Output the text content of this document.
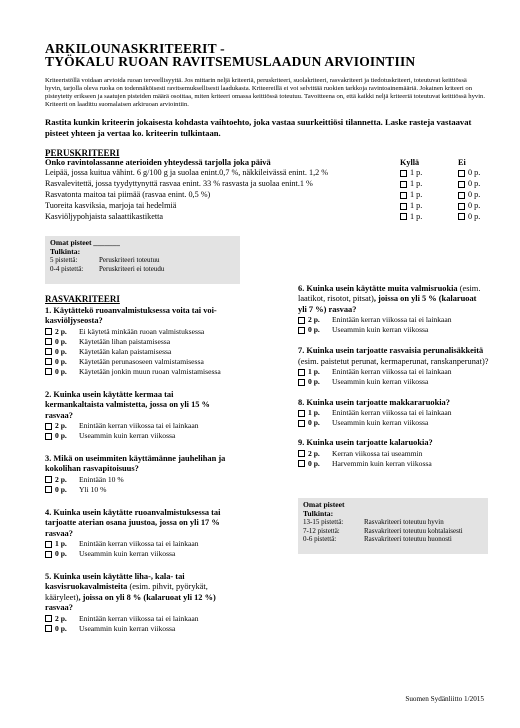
ARKILOUNASKRITEERIT -
TYÖKALU RUOAN RAVITSEMUSLAADUN ARVIOINTIIN
Kriteeristöllä voidaan arvioida ruoan terveellisyyttä. Jos mittarin neljä kriteeriä, peruskriteeri, suolakriteeri, rasvakriteeri ja tiedotuskriteeri, toteutuvat keittiössä hyvin, tarjolla oleva ruoka on todennäköisesti ravitsemuksellisesti laadukasta. Kriteereillä ei voi selvittää ruokien tarkkoja ravintoainemääriä. Jokainen kriteeri on pisteytetty erikseen ja saatujen pisteiden määrä osoittaa, miten kriteeri omassa keittiössä toteutuu. Tavoitteena on, että kaikki neljä kriteeriä toteutuvat keittiössä hyvin. Kriteerit on laadittu suomalaisen arkiruoan arviointiin.
Rastita kunkin kriteerin jokaisesta kohdasta vaihtoehto, joka vastaa suurkeittiösi tilannetta. Laske rasteja vastaavat pisteet yhteen ja vertaa ko. kriteerin tulkintaan.
PERUSKRITEERI
Onko ravintolassanne aterioiden yhteydessä tarjolla joka päivä	Kyllä	Ei
Leipää, jossa kuitua vähint. 6 g/100 g ja suolaa enint.0,7 %, näkkileivässä enint. 1,2 %	1 p.	0 p.
Rasvalevitettä, jossa tyydyttynyttä rasvaa enint. 33 % rasvasta ja suolaa enint.1 %	1 p.	0 p.
Rasvatonta maitoa tai piimää (rasvaa enint. 0,5 %)	1 p.	0 p.
Tuoreita kasviksia, marjoja tai hedelmiä	1 p.	0 p.
Kasviöljypohjaista salaattikastiketta	1 p.	0 p.
Omat pisteet _______
Tulkinta:
5 pistettä:	Peruskriteeri toteutuu
0-4 pistettä:	Peruskriteeri ei toteudu
RASVAKRITEERI
1. Käytättekö ruoanvalmistuksessa voita tai voi-
kasviöljyseosta?
2 p.	Ei käytetä minkään ruoan valmistuksessa
0 p.	Käytetään lihan paistamisessa
0 p.	Käytetään kalan paistamisessa
0 p.	Käytetään perunasoseen valmistamisessa
0 p.	Käytetään jonkin muun ruoan valmistamisessa
2. Kuinka usein käytätte kermaa tai
kermankaltaista valmistetta, jossa on yli 15 %
rasvaa?
2 p.	Enintään kerran viikossa tai ei lainkaan
0 p.	Useammin kuin kerran viikossa
3. Mikä on useimmiten käyttämänne jauhelihan ja
kokolihan rasvapitoisuus?
2 p.	Enintään 10 %
0 p.	Yli 10 %
4. Kuinka usein käytätte ruoanvalmistuksessa tai
tarjoatte aterian osana juustoa, jossa on yli 17 %
rasvaa?
1 p.	Enintään kerran viikossa tai ei lainkaan
0 p.	Useammin kuin kerran viikossa
5. Kuinka usein käytätte liha-, kala- tai
kasvisruokavalmisteita (esim. pihvit, pyörykät,
kääryleet), joissa on yli 8 % (kalaruoat yli 12 %)
rasvaa?
2 p.	Enintään kerran viikossa tai ei lainkaan
0 p.	Useammin kuin kerran viikossa
6. Kuinka usein käytätte muita valmisruokia (esim.
laatikot, risotot, pitsat), joissa on yli 5 % (kalaruoat
yli 7 %) rasvaa?
2 p.	Enintään kerran viikossa tai ei lainkaan
0 p.	Useammin kuin kerran viikossa
7. Kuinka usein tarjoatte rasvaisia perunalisäkkeitä
(esim. paistetut perunat, kermaperunat, ranskanperunat)?
1 p.	Enintään kerran viikossa tai ei lainkaan
0 p.	Useammin kuin kerran viikossa
8. Kuinka usein tarjoatte makkararuokia?
1 p.	Enintään kerran viikossa tai ei lainkaan
0 p.	Useammin kuin kerran viikossa
9. Kuinka usein tarjoatte kalaruokia?
2 p.	Kerran viikossa tai useammin
0 p.	Harvemmin kuin kerran viikossa
Omat pisteet
Tulkinta:
13-15 pistettä:	Rasvakriteeri toteutuu hyvin
7-12 pistettä:	Rasvakriteeri toteutuu kohtalaisesti
0-6 pistettä:	Rasvakriteeri toteutuu huonosti
Suomen Sydänliitto 1/2015
